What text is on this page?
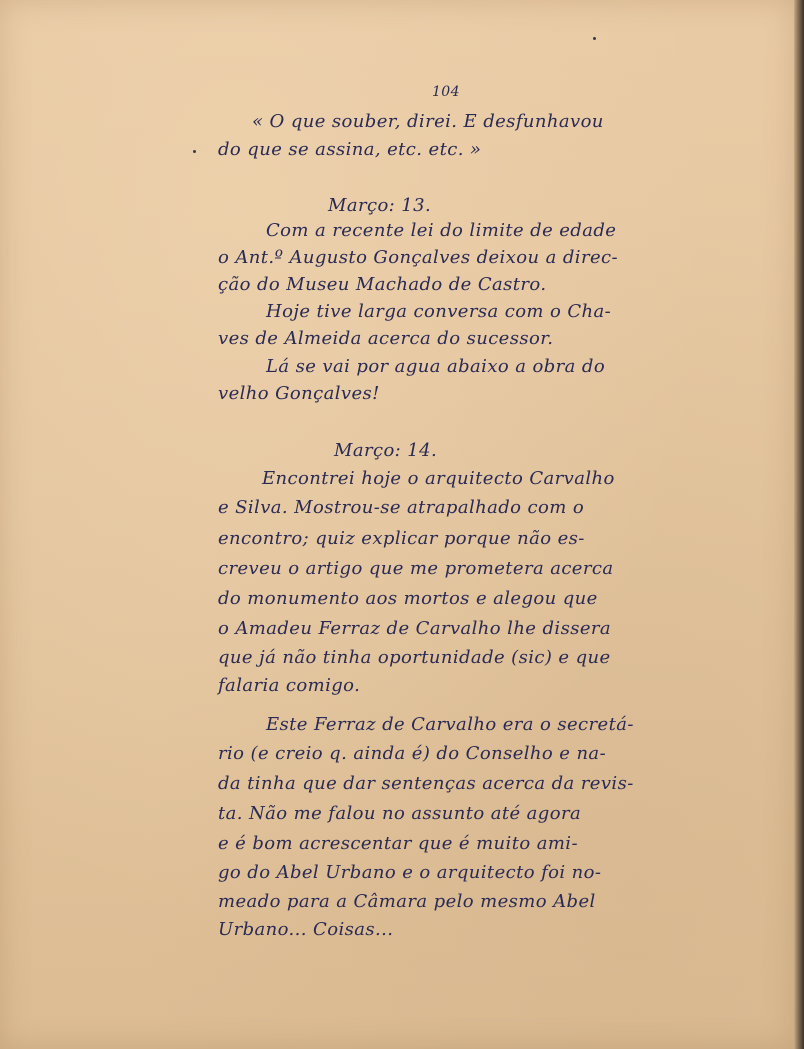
104
« O que souber, direi. E desfunhavou
do que se assina, etc. etc. »
Março: 13.
Com a recente lei do limite de edade
o Ant.º Augusto Gonçalves deixou a direc-
ção do Museu Machado de Castro.
Hoje tive larga conversa com o Cha-
ves de Almeida acerca do sucessor.
Lá se vai por agua abaixo a obra do
velho Gonçalves!
Março: 14.
Encontrei hoje o arquitecto Carvalho
e Silva. Mostrou-se atrapalhado com o
encontro; quiz explicar porque não es-
creveu o artigo que me prometera acerca
do monumento aos mortos e alegou que
o Amadeu Ferraz de Carvalho lhe dissera
que já não tinha oportunidade (sic) e que
falaria comigo.
Este Ferraz de Carvalho era o secretá-
rio (e creio q. ainda é) do Conselho e na-
da tinha que dar sentenças acerca da revis-
ta. Não me falou no assunto até agora
e é bom acrescentar que é muito ami-
go do Abel Urbano e o arquitecto foi no-
meado para a Câmara pelo mesmo Abel
Urbano... Coisas...
